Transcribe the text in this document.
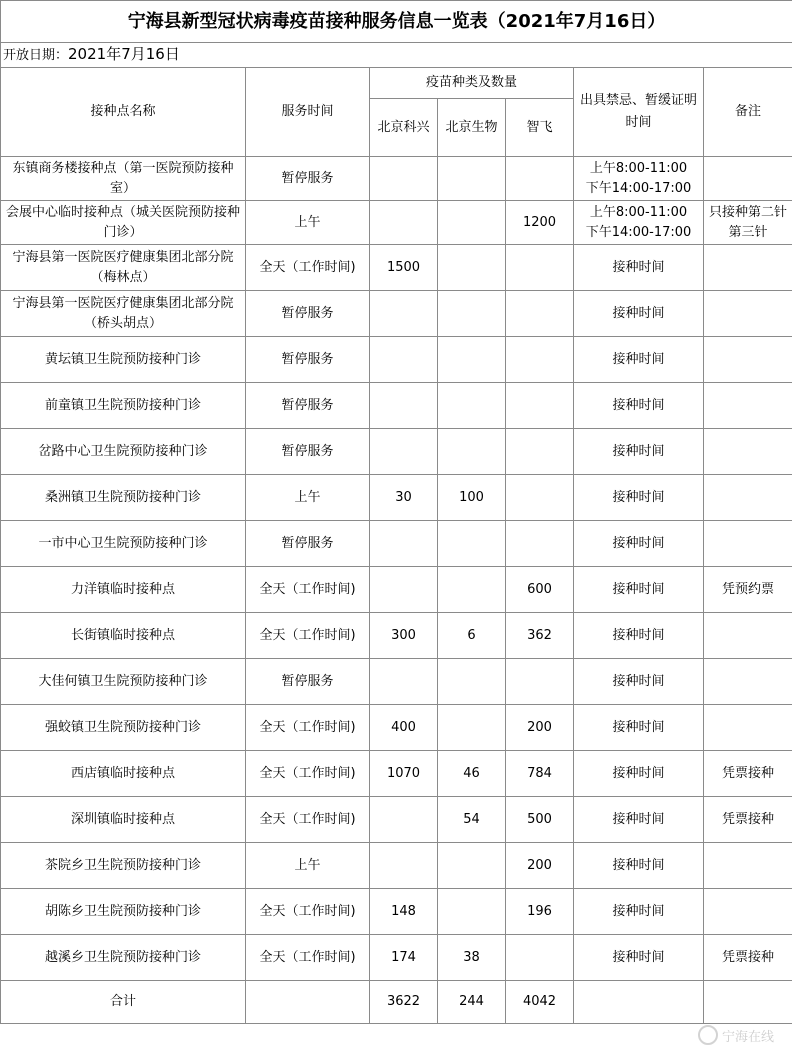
宁海县新型冠状病毒疫苗接种服务信息一览表（2021年7月16日）						
开放日期：2021年7月16日						
接种点名称	服务时间	疫苗种类及数量			出具禁忌、暂缓证明时间	备注
		北京科兴	北京生物	智飞		
东镇商务楼接种点（第一医院预防接种室）	暂停服务				上午8:00-11:00
下午14:00-17:00	

会展中心临时接种点（城关医院预防接种门诊）	上午			1200	上午8:00-11:00
下午14:00-17:00	只接种第二针第三针
宁海县第一医院医疗健康集团北部分院（梅林点）	全天（工作时间)	1500			接种时间	

宁海县第一医院医疗健康集团北部分院（桥头胡点）	暂停服务				接种时间	

黄坛镇卫生院预防接种门诊	暂停服务				接种时间	

前童镇卫生院预防接种门诊	暂停服务				接种时间	

岔路中心卫生院预防接种门诊	暂停服务				接种时间	

桑洲镇卫生院预防接种门诊	上午	30	100		接种时间	

一市中心卫生院预防接种门诊	暂停服务				接种时间	

力洋镇临时接种点	全天（工作时间)			600	接种时间	凭预约票
长街镇临时接种点	全天（工作时间)	300	6	362	接种时间	

大佳何镇卫生院预防接种门诊	暂停服务				接种时间	

强蛟镇卫生院预防接种门诊	全天（工作时间)	400		200	接种时间	

西店镇临时接种点	全天（工作时间)	1070	46	784	接种时间	凭票接种
深圳镇临时接种点	全天（工作时间)		54	500	接种时间	凭票接种
茶院乡卫生院预防接种门诊	上午			200	接种时间	

胡陈乡卫生院预防接种门诊	全天（工作时间)	148		196	接种时间	

越溪乡卫生院预防接种门诊	全天（工作时间)	174	38		接种时间	凭票接种
合计		3622	244	4042		
宁海在线
